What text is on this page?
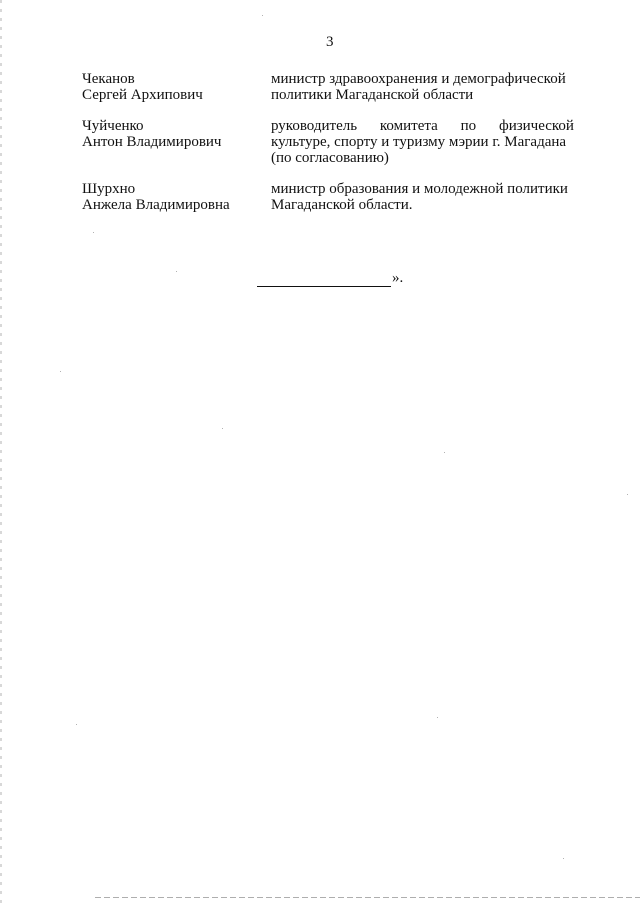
3
Чеканов
Сергей Архипович
министр здравоохранения и демографической
политики Магаданской области
Чуйченко
Антон Владимирович
руководитель комитета по физической
культуре, спорту и туризму мэрии г. Магадана
(по согласованию)
Шурхно
Анжела Владимировна
министр образования и молодежной политики
Магаданской области.
».
